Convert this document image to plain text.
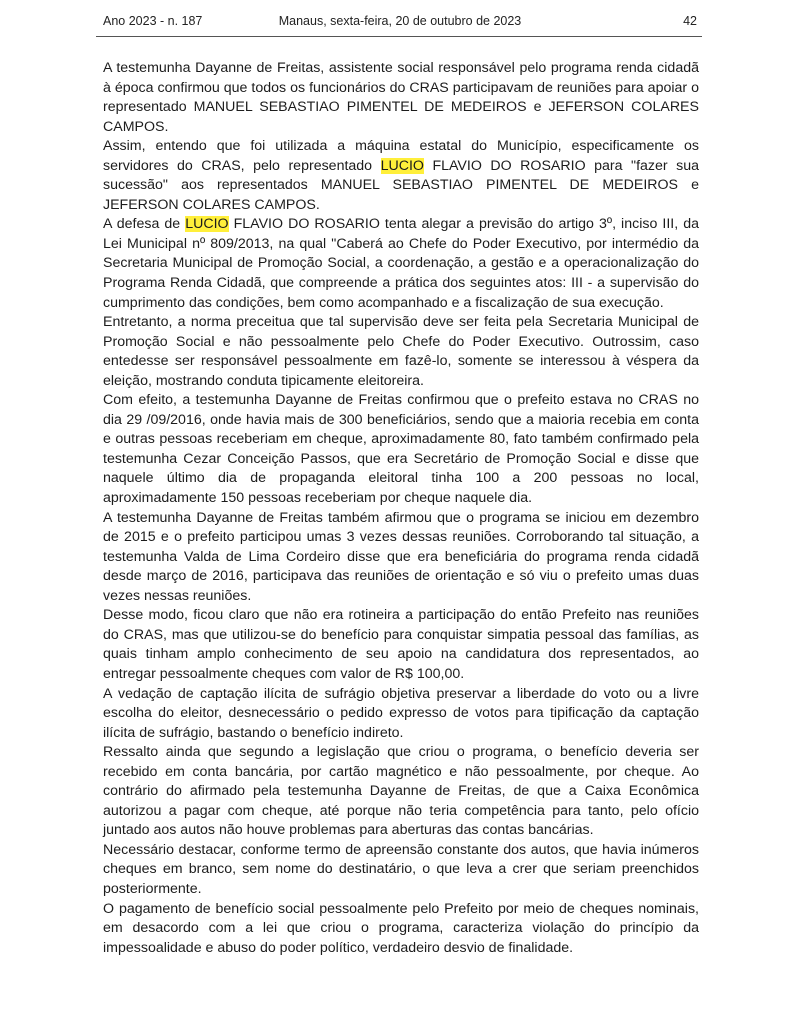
Ano 2023 - n. 187	Manaus, sexta-feira, 20 de outubro de 2023	42

A testemunha Dayanne de Freitas, assistente social responsável pelo programa renda cidadã à época confirmou que todos os funcionários do CRAS participavam de reuniões para apoiar o representado MANUEL SEBASTIAO PIMENTEL DE MEDEIROS e JEFERSON COLARES CAMPOS.

Assim, entendo que foi utilizada a máquina estatal do Município, especificamente os servidores do CRAS, pelo representado LUCIO FLAVIO DO ROSARIO para "fazer sua sucessão" aos representados MANUEL SEBASTIAO PIMENTEL DE MEDEIROS e JEFERSON COLARES CAMPOS.

A defesa de LUCIO FLAVIO DO ROSARIO tenta alegar a previsão do artigo 3º, inciso III, da Lei Municipal nº 809/2013, na qual "Caberá ao Chefe do Poder Executivo, por intermédio da Secretaria Municipal de Promoção Social, a coordenação, a gestão e a operacionalização do Programa Renda Cidadã, que compreende a prática dos seguintes atos: III - a supervisão do cumprimento das condições, bem como acompanhado e a fiscalização de sua execução.

Entretanto, a norma preceitua que tal supervisão deve ser feita pela Secretaria Municipal de Promoção Social e não pessoalmente pelo Chefe do Poder Executivo. Outrossim, caso entedesse ser responsável pessoalmente em fazê-lo, somente se interessou à véspera da eleição, mostrando conduta tipicamente eleitoreira.

Com efeito, a testemunha Dayanne de Freitas confirmou que o prefeito estava no CRAS no dia 29 /09/2016, onde havia mais de 300 beneficiários, sendo que a maioria recebia em conta e outras pessoas receberiam em cheque, aproximadamente 80, fato também confirmado pela testemunha Cezar Conceição Passos, que era Secretário de Promoção Social e disse que naquele último dia de propaganda eleitoral tinha 100 a 200 pessoas no local, aproximadamente 150 pessoas receberiam por cheque naquele dia.

A testemunha Dayanne de Freitas também afirmou que o programa se iniciou em dezembro de 2015 e o prefeito participou umas 3 vezes dessas reuniões. Corroborando tal situação, a testemunha Valda de Lima Cordeiro disse que era beneficiária do programa renda cidadã desde março de 2016, participava das reuniões de orientação e só viu o prefeito umas duas vezes nessas reuniões.

Desse modo, ficou claro que não era rotineira a participação do então Prefeito nas reuniões do CRAS, mas que utilizou-se do benefício para conquistar simpatia pessoal das famílias, as quais tinham amplo conhecimento de seu apoio na candidatura dos representados, ao entregar pessoalmente cheques com valor de R$ 100,00.

A vedação de captação ilícita de sufrágio objetiva preservar a liberdade do voto ou a livre escolha do eleitor, desnecessário o pedido expresso de votos para tipificação da captação ilícita de sufrágio, bastando o benefício indireto.

Ressalto ainda que segundo a legislação que criou o programa, o benefício deveria ser recebido em conta bancária, por cartão magnético e não pessoalmente, por cheque. Ao contrário do afirmado pela testemunha Dayanne de Freitas, de que a Caixa Econômica autorizou a pagar com cheque, até porque não teria competência para tanto, pelo ofício juntado aos autos não houve problemas para aberturas das contas bancárias.

Necessário destacar, conforme termo de apreensão constante dos autos, que havia inúmeros cheques em branco, sem nome do destinatário, o que leva a crer que seriam preenchidos posteriormente.

O pagamento de benefício social pessoalmente pelo Prefeito por meio de cheques nominais, em desacordo com a lei que criou o programa, caracteriza violação do princípio da impessoalidade e abuso do poder político, verdadeiro desvio de finalidade.
